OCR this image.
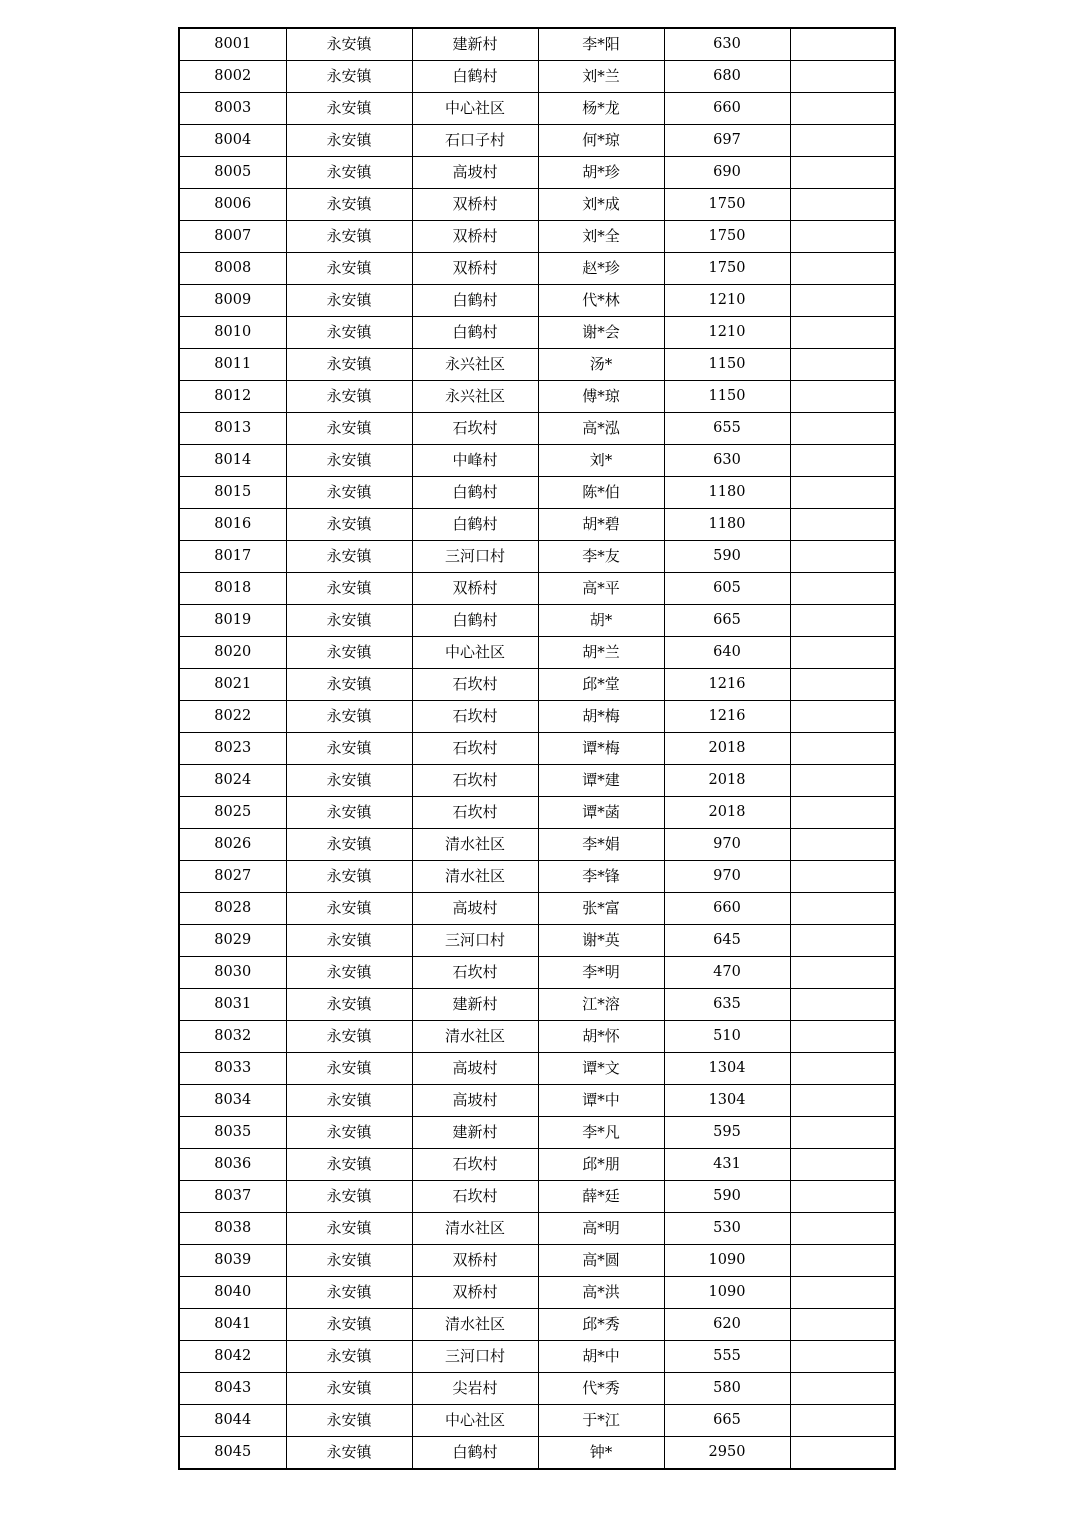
8001	永安镇	建新村	李*阳	630	
8002	永安镇	白鹤村	刘*兰	680	
8003	永安镇	中心社区	杨*龙	660	
8004	永安镇	石口子村	何*琼	697	
8005	永安镇	高坡村	胡*珍	690	
8006	永安镇	双桥村	刘*成	1750	
8007	永安镇	双桥村	刘*全	1750	
8008	永安镇	双桥村	赵*珍	1750	
8009	永安镇	白鹤村	代*林	1210	
8010	永安镇	白鹤村	谢*会	1210	
8011	永安镇	永兴社区	汤*	1150	
8012	永安镇	永兴社区	傅*琼	1150	
8013	永安镇	石坎村	高*泓	655	
8014	永安镇	中峰村	刘*	630	
8015	永安镇	白鹤村	陈*伯	1180	
8016	永安镇	白鹤村	胡*碧	1180	
8017	永安镇	三河口村	李*友	590	
8018	永安镇	双桥村	高*平	605	
8019	永安镇	白鹤村	胡*	665	
8020	永安镇	中心社区	胡*兰	640	
8021	永安镇	石坎村	邱*堂	1216	
8022	永安镇	石坎村	胡*梅	1216	
8023	永安镇	石坎村	谭*梅	2018	
8024	永安镇	石坎村	谭*建	2018	
8025	永安镇	石坎村	谭*菡	2018	
8026	永安镇	清水社区	李*娟	970	
8027	永安镇	清水社区	李*锋	970	
8028	永安镇	高坡村	张*富	660	
8029	永安镇	三河口村	谢*英	645	
8030	永安镇	石坎村	李*明	470	
8031	永安镇	建新村	江*溶	635	
8032	永安镇	清水社区	胡*怀	510	
8033	永安镇	高坡村	谭*文	1304	
8034	永安镇	高坡村	谭*中	1304	
8035	永安镇	建新村	李*凡	595	
8036	永安镇	石坎村	邱*朋	431	
8037	永安镇	石坎村	薛*廷	590	
8038	永安镇	清水社区	高*明	530	
8039	永安镇	双桥村	高*圆	1090	
8040	永安镇	双桥村	高*洪	1090	
8041	永安镇	清水社区	邱*秀	620	
8042	永安镇	三河口村	胡*中	555	
8043	永安镇	尖岩村	代*秀	580	
8044	永安镇	中心社区	于*江	665	
8045	永安镇	白鹤村	钟*	2950	
